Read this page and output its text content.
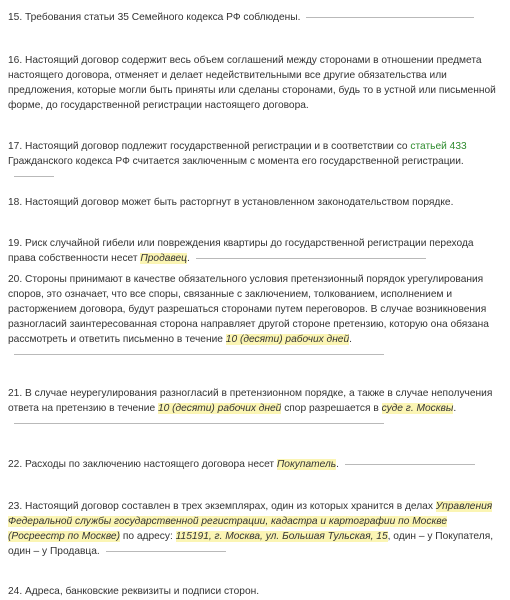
15. Требования статьи 35 Семейного кодекса РФ соблюдены.
16. Настоящий договор содержит весь объем соглашений между сторонами в отношении предмета настоящего договора, отменяет и делает недействительными все другие обязательства или предложения, которые могли быть приняты или сделаны сторонами, будь то в устной или письменной форме, до государственной регистрации настоящего договора.
17. Настоящий договор подлежит государственной регистрации и в соответствии со статьей 433 Гражданского кодекса РФ считается заключенным с момента его государственной регистрации.
18. Настоящий договор может быть расторгнут в установленном законодательством порядке.
19. Риск случайной гибели или повреждения квартиры до государственной регистрации перехода права собственности несет Продавец.
20. Стороны принимают в качестве обязательного условия претензионный порядок урегулирования споров, это означает, что все споры, связанные с заключением, толкованием, исполнением и расторжением договора, будут разрешаться сторонами путем переговоров. В случае возникновения разногласий заинтересованная сторона направляет другой стороне претензию, которую она обязана рассмотреть и ответить письменно в течение 10 (десяти) рабочих дней.
21. В случае неурегулирования разногласий в претензионном порядке, а также в случае неполучения ответа на претензию в течение 10 (десяти) рабочих дней спор разрешается в суде г. Москвы.
22. Расходы по заключению настоящего договора несет Покупатель.
23. Настоящий договор составлен в трех экземплярах, один из которых хранится в делах Управления Федеральной службы государственной регистрации, кадастра и картографии по Москве (Росреестр по Москве) по адресу: 115191, г. Москва, ул. Большая Тульская, 15, один – у Покупателя, один – у Продавца.
24. Адреса, банковские реквизиты и подписи сторон.
